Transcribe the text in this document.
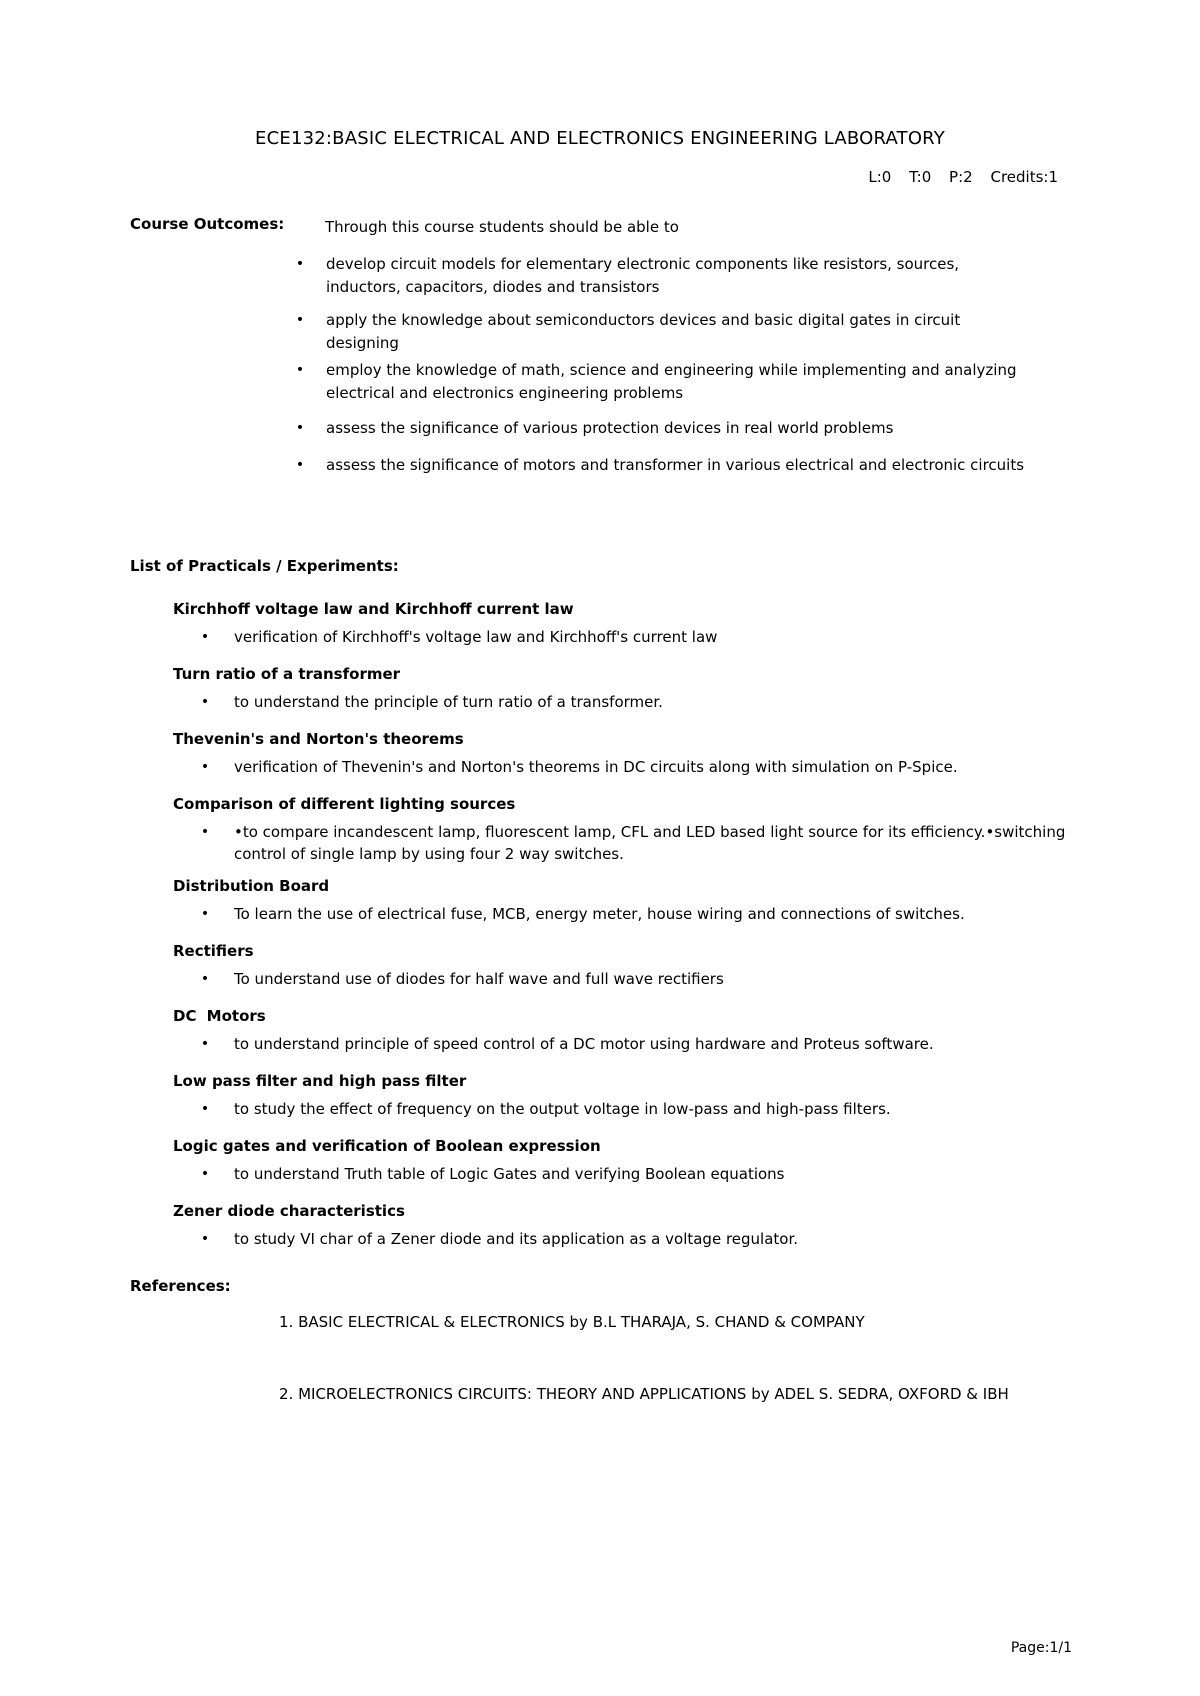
ECE132:BASIC ELECTRICAL AND ELECTRONICS ENGINEERING LABORATORY
L:0 T:0 P:2 Credits:1
Course Outcomes:	Through this course students should be able to
•	develop circuit models for elementary electronic components like resistors, sources, inductors, capacitors, diodes and transistors
•	apply the knowledge about semiconductors devices and basic digital gates in circuit designing
•	employ the knowledge of math, science and engineering while implementing and analyzing electrical and electronics engineering problems
•	assess the significance of various protection devices in real world problems
•	assess the significance of motors and transformer in various electrical and electronic circuits
List of Practicals / Experiments:
Kirchhoff voltage law and Kirchhoff current law
• verification of Kirchhoff's voltage law and Kirchhoff's current law
Turn ratio of a transformer
• to understand the principle of turn ratio of a transformer.
Thevenin's and Norton's theorems
• verification of Thevenin's and Norton's theorems in DC circuits along with simulation on P-Spice.
Comparison of different lighting sources
• •to compare incandescent lamp, fluorescent lamp, CFL and LED based light source for its efficiency.•switching control of single lamp by using four 2 way switches.
Distribution Board
• To learn the use of electrical fuse, MCB, energy meter, house wiring and connections of switches.
Rectifiers
• To understand use of diodes for half wave and full wave rectifiers
DC Motors
• to understand principle of speed control of a DC motor using hardware and Proteus software.
Low pass filter and high pass filter
• to study the effect of frequency on the output voltage in low-pass and high-pass filters.
Logic gates and verification of Boolean expression
• to understand Truth table of Logic Gates and verifying Boolean equations
Zener diode characteristics
• to study VI char of a Zener diode and its application as a voltage regulator.
References:
1. BASIC ELECTRICAL & ELECTRONICS by B.L THARAJA, S. CHAND & COMPANY
2. MICROELECTRONICS CIRCUITS: THEORY AND APPLICATIONS by ADEL S. SEDRA, OXFORD & IBH
Page:1/1
